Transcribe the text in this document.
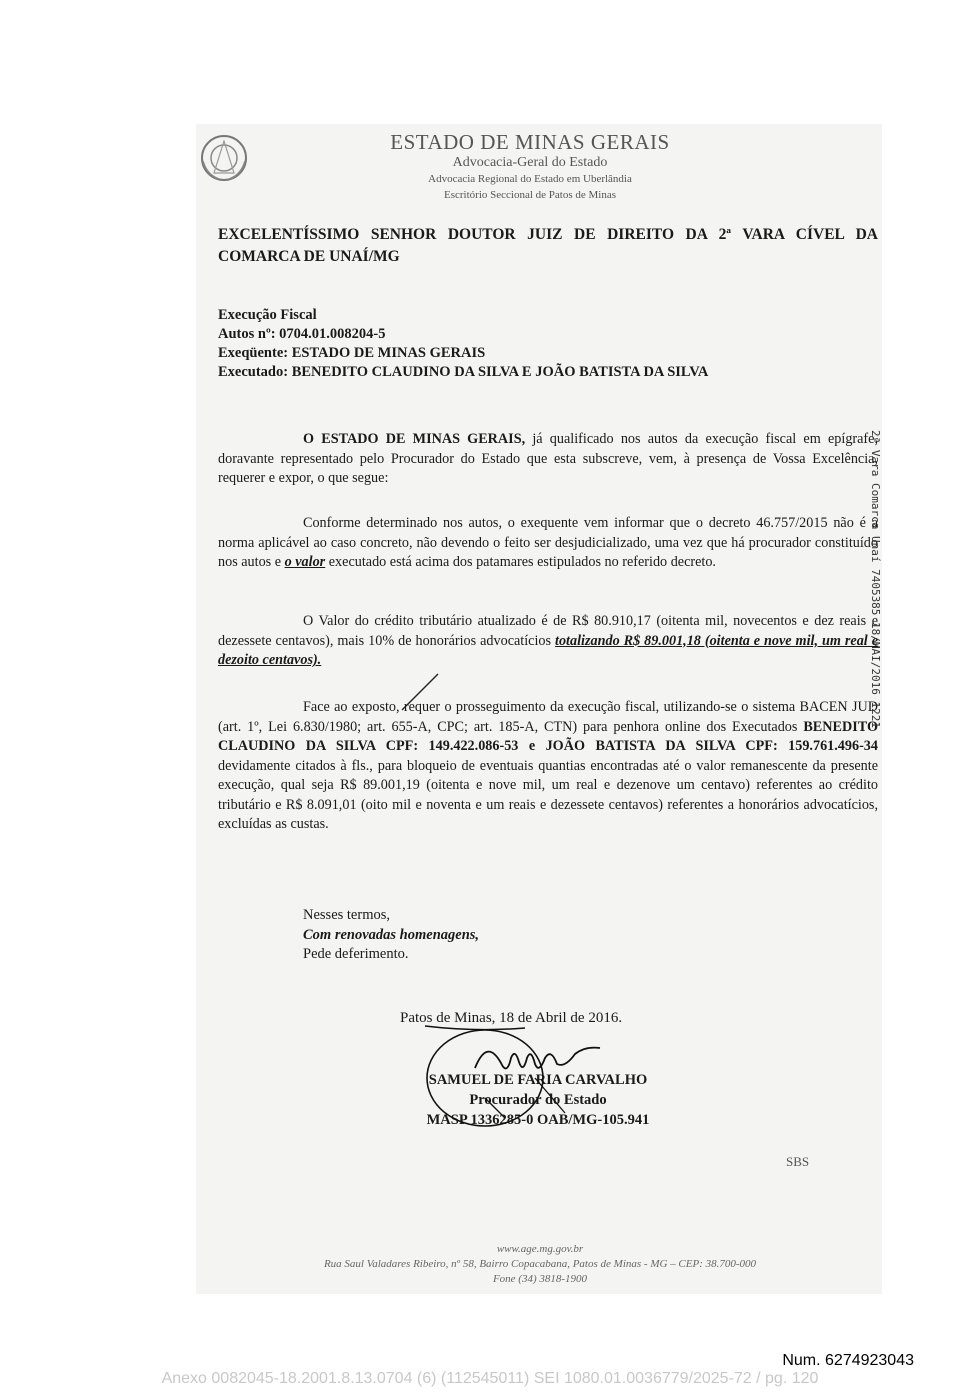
ESTADO DE MINAS GERAIS
Advocacia-Geral do Estado
Advocacia Regional do Estado em Uberlândia
Escritório Seccional de Patos de Minas
EXCELENTÍSSIMO SENHOR DOUTOR JUIZ DE DIREITO DA 2ª VARA CÍVEL DA COMARCA DE UNAÍ/MG
Execução Fiscal
Autos nº: 0704.01.008204-5
Exeqüente: ESTADO DE MINAS GERAIS
Executado: BENEDITO CLAUDINO DA SILVA E JOÃO BATISTA DA SILVA
O ESTADO DE MINAS GERAIS, já qualificado nos autos da execução fiscal em epígrafe, doravante representado pelo Procurador do Estado que esta subscreve, vem, à presença de Vossa Excelência, requerer e expor, o que segue:
Conforme determinado nos autos, o exequente vem informar que o decreto 46.757/2015 não é a norma aplicável ao caso concreto, não devendo o feito ser desjudicializado, uma vez que há procurador constituído nos autos e o valor executado está acima dos patamares estipulados no referido decreto.
O Valor do crédito tributário atualizado é de R$ 80.910,17 (oitenta mil, novecentos e dez reais e dezessete centavos), mais 10% de honorários advocatícios totalizando R$ 89.001,18 (oitenta e nove mil, um real e dezoito centavos).
Face ao exposto, requer o prosseguimento da execução fiscal, utilizando-se o sistema BACEN JUD (art. 1º, Lei 6.830/1980; art. 655-A, CPC; art. 185-A, CTN) para penhora online dos Executados BENEDITO CLAUDINO DA SILVA CPF: 149.422.086-53 e JOÃO BATISTA DA SILVA CPF: 159.761.496-34 devidamente citados à fls., para bloqueio de eventuais quantias encontradas até o valor remanescente da presente execução, qual seja R$ 89.001,19 (oitenta e nove mil, um real e dezenove um centavo) referentes ao crédito tributário e R$ 8.091,01 (oito mil e noventa e um reais e dezessete centavos) referentes a honorários advocatícios, excluídas as custas.
Nesses termos,
Com renovadas homenagens,
Pede deferimento.
Patos de Minas, 18 de Abril de 2016.
SAMUEL DE FARIA CARVALHO
Procurador do Estado
MASP 1336285-0 OAB/MG-105.941
SBS
www.age.mg.gov.br
Rua Saul Valadares Ribeiro, nº 58, Bairro Copacabana, Patos de Minas - MG – CEP: 38.700-000
Fone (34) 3818-1900
2ª Vara Comarca Unaí 7405385 18/MAI/2016 1221
Num. 6274923043
Anexo 0082045-18.2001.8.13.0704 (6) (112545011) SEI 1080.01.0036779/2025-72 / pg. 120
